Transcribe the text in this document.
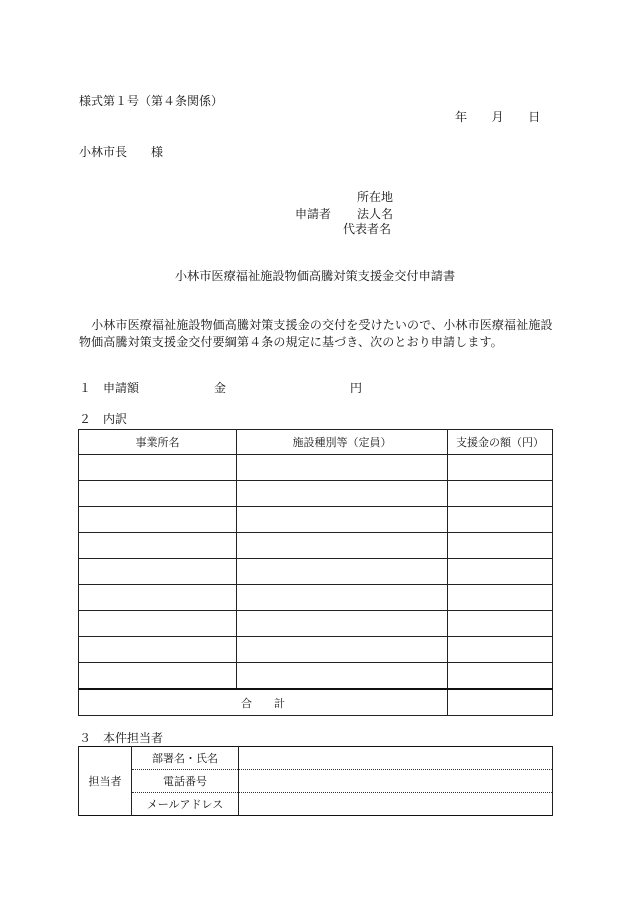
様式第１号（第４条関係）
年　　月　　日
小林市長　　様
所在地
申請者 法人名
代表者名
小林市医療福祉施設物価高騰対策支援金交付申請書
　小林市医療福祉施設物価高騰対策支援金の交付を受けたいので、小林市医療福祉施設
物価高騰対策支援金交付要綱第４条の規定に基づき、次のとおり申請します。
１　申請額	金	円
２　内訳
事業所名	施設種別等（定員）	支援金の額（円）

合　　計		
３　本件担当者
担当者	部署名・氏名	
	電話番号	
	メールアドレス	
